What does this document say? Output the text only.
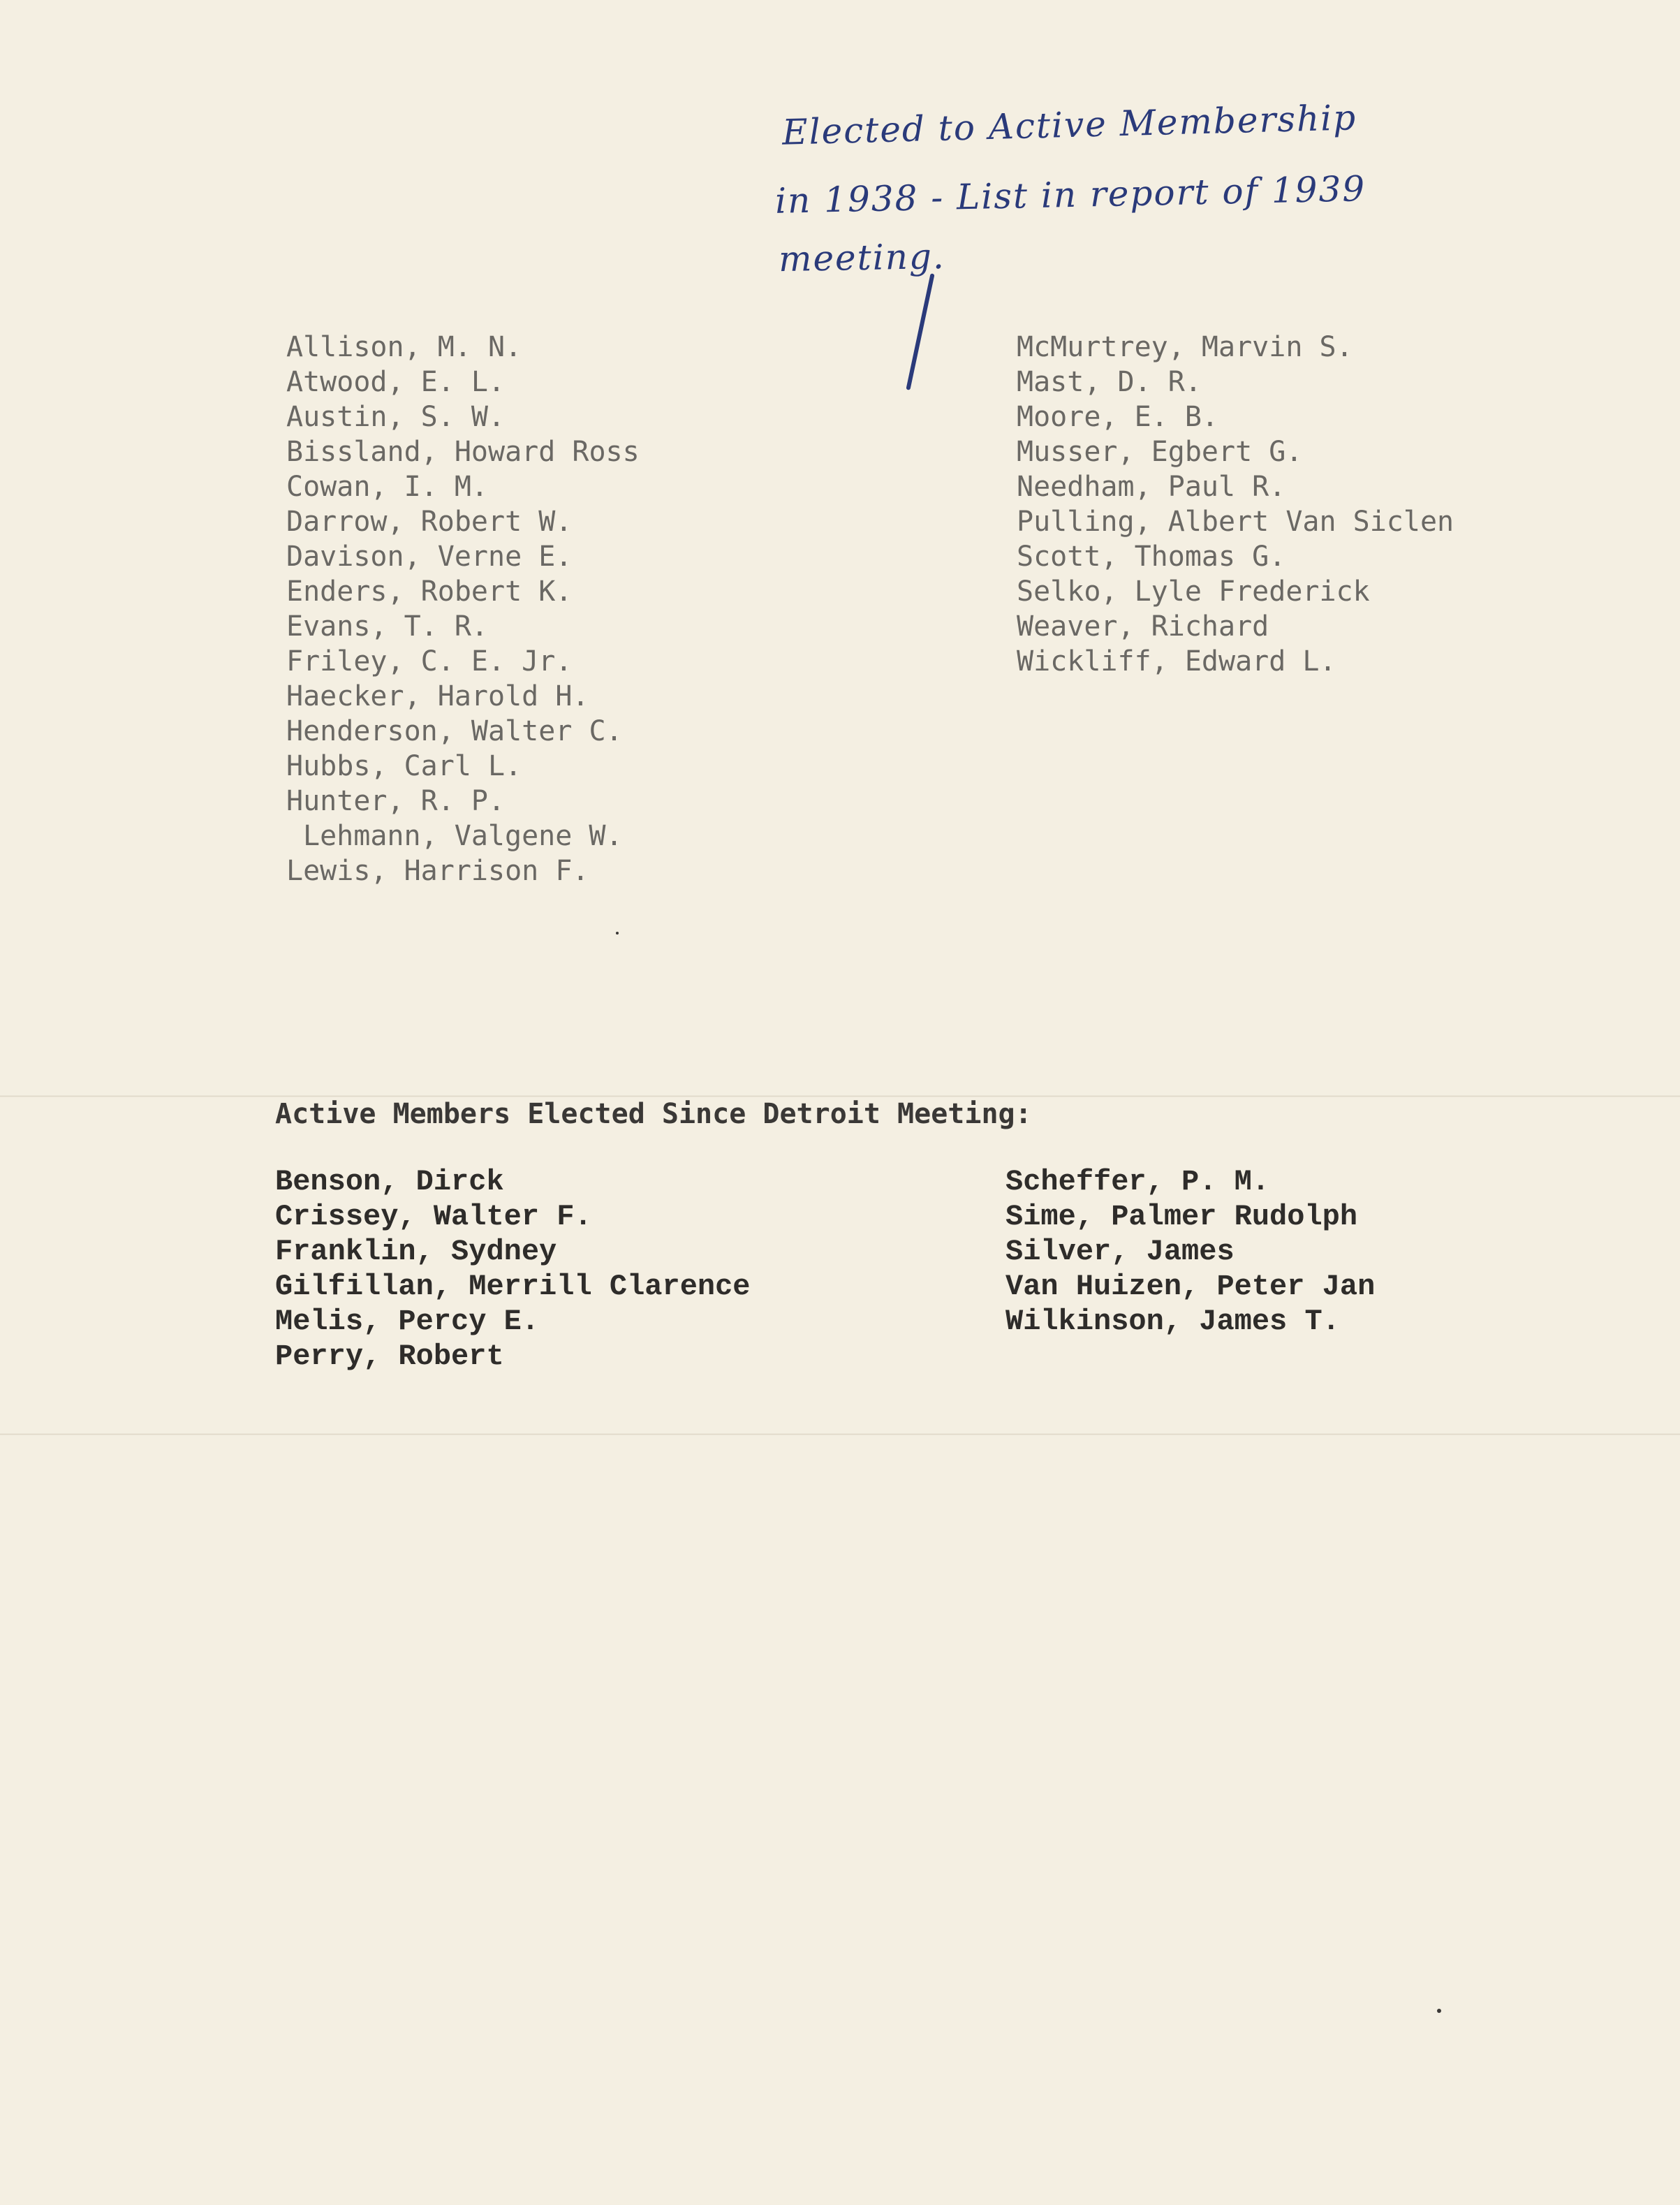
Elected to Active Membership
in 1938 - List in report of 1939
meeting.
Allison, M. N.
Atwood, E. L.
Austin, S. W.
Bissland, Howard Ross
Cowan, I. M.
Darrow, Robert W.
Davison, Verne E.
Enders, Robert K.
Evans, T. R.
Friley, C. E. Jr.
Haecker, Harold H.
Henderson, Walter C.
Hubbs, Carl L.
Hunter, R. P.
Lehmann, Valgene W.
Lewis, Harrison F.
McMurtrey, Marvin S.
Mast, D. R.
Moore, E. B.
Musser, Egbert G.
Needham, Paul R.
Pulling, Albert Van Siclen
Scott, Thomas G.
Selko, Lyle Frederick
Weaver, Richard
Wickliff, Edward L.
Active Members Elected Since Detroit Meeting:
Benson, Dirck
Crissey, Walter F.
Franklin, Sydney
Gilfillan, Merrill Clarence
Melis, Percy E.
Perry, Robert
Scheffer, P. M.
Sime, Palmer Rudolph
Silver, James
Van Huizen, Peter Jan
Wilkinson, James T.
